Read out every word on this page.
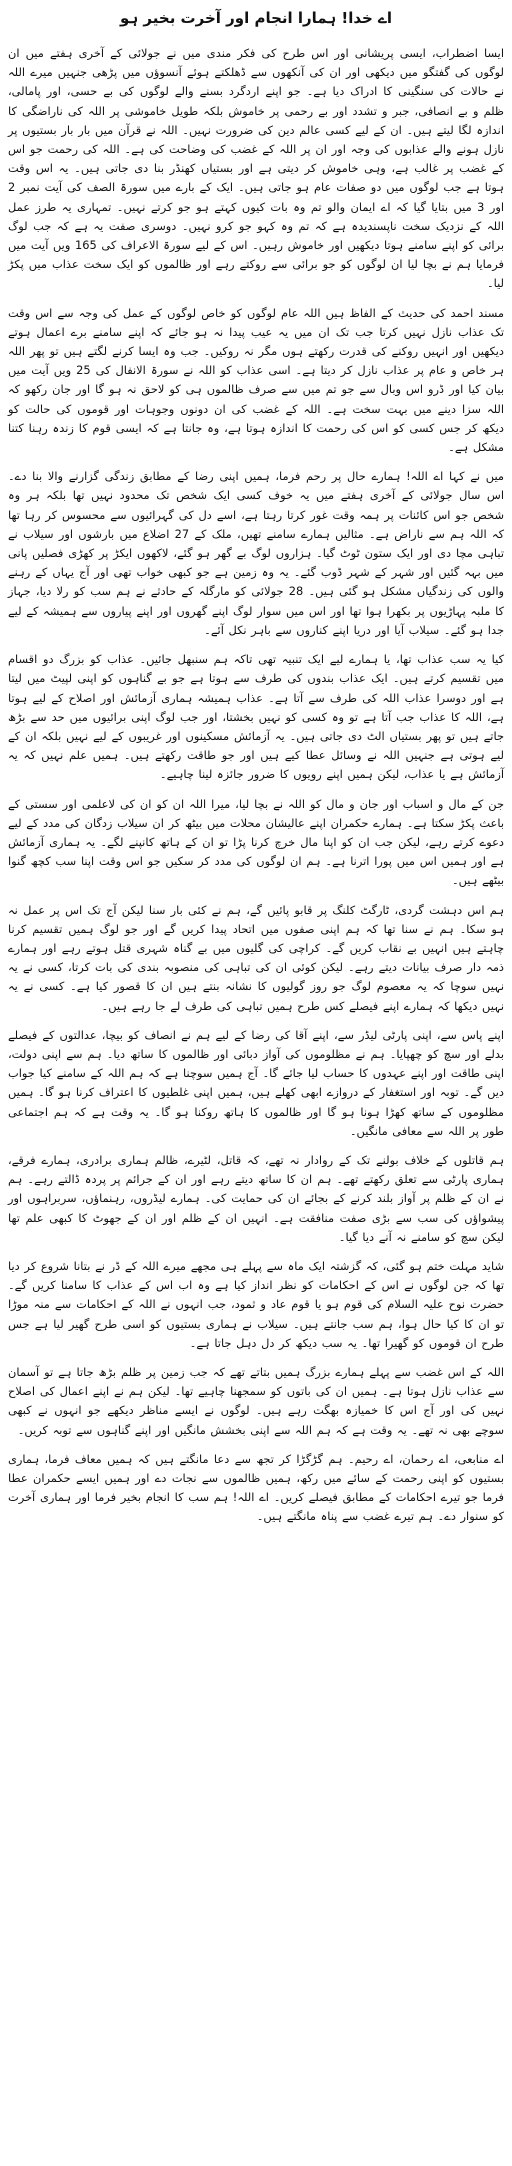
اے خدا! ہمارا انجام اور آخرت بخیر ہو

ایسا اضطراب، ایسی پریشانی اور اس طرح کی فکر مندی میں نے جولائی کے آخری ہفتے میں ان لوگوں کی گفتگو میں دیکھی اور ان کی آنکھوں سے ڈھلکتے ہوئے آنسوؤں میں پڑھی جنہیں میرے اللہ نے حالات کی سنگینی کا ادراک دیا ہے۔ جو اپنے اردگرد بسنے والے لوگوں کی بے حسی، اور پامالی، ظلم و بے انصافی، جبر و تشدد اور بے رحمی پر خاموش بلکہ طویل خاموشی پر اللہ کی ناراضگی کا اندازہ لگا لیتے ہیں۔ ان کے لیے کسی عالم دین کی ضرورت نہیں۔ اللہ نے قرآن میں بار بار بستیوں پر نازل ہونے والے عذابوں کی وجہ اور ان پر اللہ کے غضب کی وضاحت کی ہے۔ اللہ کی رحمت جو اس کے غضب پر غالب ہے، وہی خاموش کر دیتی ہے اور بستیاں کھنڈر بنا دی جاتی ہیں۔ یہ اس وقت ہوتا ہے جب لوگوں میں دو صفات عام ہو جاتی ہیں۔ ایک کے بارے میں سورۃ الصف کی آیت نمبر 2 اور 3 میں بتایا گیا کہ اے ایمان والو تم وہ بات کیوں کہتے ہو جو کرتے نہیں۔ تمہاری یہ طرز عمل اللہ کے نزدیک سخت ناپسندیدہ ہے کہ تم وہ کہو جو کرو نہیں۔ دوسری صفت یہ ہے کہ جب لوگ برائی کو اپنے سامنے ہوتا دیکھیں اور خاموش رہیں۔ اس کے لیے سورۃ الاعراف کی 165 ویں آیت میں فرمایا ہم نے بچا لیا ان لوگوں کو جو برائی سے روکتے رہے اور ظالموں کو ایک سخت عذاب میں پکڑ لیا۔

مسند احمد کی حدیث کے الفاظ ہیں اللہ عام لوگوں کو خاص لوگوں کے عمل کی وجہ سے اس وقت تک عذاب نازل نہیں کرتا جب تک ان میں یہ عیب پیدا نہ ہو جائے کہ اپنے سامنے برے اعمال ہوتے دیکھیں اور انہیں روکنے کی قدرت رکھتے ہوں مگر نہ روکیں۔ جب وہ ایسا کرنے لگتے ہیں تو پھر اللہ ہر خاص و عام پر عذاب نازل کر دیتا ہے۔ اسی عذاب کو اللہ نے سورۃ الانفال کی 25 ویں آیت میں بیان کیا اور ڈرو اس وبال سے جو تم میں سے صرف ظالموں ہی کو لاحق نہ ہو گا اور جان رکھو کہ اللہ سزا دینے میں بہت سخت ہے۔ اللہ کے غضب کی ان دونوں وجوہات اور قوموں کی حالت کو دیکھ کر جس کسی کو اس کی رحمت کا اندازہ ہوتا ہے، وہ جانتا ہے کہ ایسی قوم کا زندہ رہنا کتنا مشکل ہے۔

میں نے کہا اے اللہ! ہمارے حال پر رحم فرما، ہمیں اپنی رضا کے مطابق زندگی گزارنے والا بنا دے۔ اس سال جولائی کے آخری ہفتے میں یہ خوف کسی ایک شخص تک محدود نہیں تھا بلکہ ہر وہ شخص جو اس کائنات پر ہمہ وقت غور کرتا رہتا ہے، اسے دل کی گہرائیوں سے محسوس کر رہا تھا کہ اللہ ہم سے ناراض ہے۔ مثالیں ہمارے سامنے تھیں، ملک کے 27 اضلاع میں بارشوں اور سیلاب نے تباہی مچا دی اور ایک ستون ٹوٹ گیا۔ ہزاروں لوگ بے گھر ہو گئے، لاکھوں ایکڑ پر کھڑی فصلیں پانی میں بہہ گئیں اور شہر کے شہر ڈوب گئے۔ یہ وہ زمین ہے جو کبھی خواب تھی اور آج یہاں کے رہنے والوں کی زندگیاں مشکل ہو گئی ہیں۔ 28 جولائی کو مارگلہ کے حادثے نے ہم سب کو رلا دیا، جہاز کا ملبہ پہاڑیوں پر بکھرا ہوا تھا اور اس میں سوار لوگ اپنے گھروں اور اپنے پیاروں سے ہمیشہ کے لیے جدا ہو گئے۔ سیلاب آیا اور دریا اپنے کناروں سے باہر نکل آئے۔

کیا یہ سب عذاب تھا، یا ہمارے لیے ایک تنبیہ تھی تاکہ ہم سنبھل جائیں۔ عذاب کو بزرگ دو اقسام میں تقسیم کرتے ہیں۔ ایک عذاب بندوں کی طرف سے ہوتا ہے جو بے گناہوں کو اپنی لپیٹ میں لیتا ہے اور دوسرا عذاب اللہ کی طرف سے آتا ہے۔ عذاب ہمیشہ ہماری آزمائش اور اصلاح کے لیے ہوتا ہے، اللہ کا عذاب جب آتا ہے تو وہ کسی کو نہیں بخشتا، اور جب لوگ اپنی برائیوں میں حد سے بڑھ جاتے ہیں تو پھر بستیاں الٹ دی جاتی ہیں۔ یہ آزمائش مسکینوں اور غریبوں کے لیے نہیں بلکہ ان کے لیے ہوتی ہے جنہیں اللہ نے وسائل عطا کیے ہیں اور جو طاقت رکھتے ہیں۔ ہمیں علم نہیں کہ یہ آزمائش ہے یا عذاب، لیکن ہمیں اپنے رویوں کا ضرور جائزہ لینا چاہیے۔

جن کے مال و اسباب اور جان و مال کو اللہ نے بچا لیا، میرا اللہ ان کو ان کی لاعلمی اور سستی کے باعث پکڑ سکتا ہے۔ ہمارے حکمران اپنے عالیشان محلات میں بیٹھ کر ان سیلاب زدگان کی مدد کے لیے دعوے کرتے رہے، لیکن جب ان کو اپنا مال خرچ کرنا پڑا تو ان کے ہاتھ کانپنے لگے۔ یہ ہماری آزمائش ہے اور ہمیں اس میں پورا اترنا ہے۔ ہم ان لوگوں کی مدد کر سکیں جو اس وقت اپنا سب کچھ گنوا بیٹھے ہیں۔

ہم اس دہشت گردی، ٹارگٹ کلنگ پر قابو پائیں گے، ہم نے کئی بار سنا لیکن آج تک اس پر عمل نہ ہو سکا۔ ہم نے سنا تھا کہ ہم اپنی صفوں میں اتحاد پیدا کریں گے اور جو لوگ ہمیں تقسیم کرنا چاہتے ہیں انہیں بے نقاب کریں گے۔ کراچی کی گلیوں میں بے گناہ شہری قتل ہوتے رہے اور ہمارے ذمہ دار صرف بیانات دیتے رہے۔ لیکن کوئی ان کی تباہی کی منصوبہ بندی کی بات کرتا، کسی نے یہ نہیں سوچا کہ یہ معصوم لوگ جو روز گولیوں کا نشانہ بنتے ہیں ان کا قصور کیا ہے۔ کسی نے یہ نہیں دیکھا کہ ہمارے اپنے فیصلے کس طرح ہمیں تباہی کی طرف لے جا رہے ہیں۔

اپنے پاس سے، اپنی پارٹی لیڈر سے، اپنے آقا کی رضا کے لیے ہم نے انصاف کو بیچا، عدالتوں کے فیصلے بدلے اور سچ کو چھپایا۔ ہم نے مظلوموں کی آواز دبائی اور ظالموں کا ساتھ دیا۔ ہم سے اپنی دولت، اپنی طاقت اور اپنے عہدوں کا حساب لیا جائے گا۔ آج ہمیں سوچنا ہے کہ ہم اللہ کے سامنے کیا جواب دیں گے۔ توبہ اور استغفار کے دروازے ابھی کھلے ہیں، ہمیں اپنی غلطیوں کا اعتراف کرنا ہو گا۔ ہمیں مظلوموں کے ساتھ کھڑا ہونا ہو گا اور ظالموں کا ہاتھ روکنا ہو گا۔ یہ وقت ہے کہ ہم اجتماعی طور پر اللہ سے معافی مانگیں۔

ہم قاتلوں کے خلاف بولنے تک کے روادار نہ تھے، کہ قاتل، لٹیرے، ظالم ہماری برادری، ہمارے فرقے، ہماری پارٹی سے تعلق رکھتے تھے۔ ہم ان کا ساتھ دیتے رہے اور ان کے جرائم پر پردہ ڈالتے رہے۔ ہم نے ان کے ظلم پر آواز بلند کرنے کے بجائے ان کی حمایت کی۔ ہمارے لیڈروں، رہنماؤں، سربراہوں اور پیشواؤں کی سب سے بڑی صفت منافقت ہے۔ انہیں ان کے ظلم اور ان کے جھوٹ کا کبھی علم تھا لیکن سچ کو سامنے نہ آنے دیا گیا۔

شاید مہلت ختم ہو گئی، کہ گزشتہ ایک ماہ سے پہلے ہی مجھے میرے اللہ کے ڈر نے بتانا شروع کر دیا تھا کہ جن لوگوں نے اس کے احکامات کو نظر انداز کیا ہے وہ اب اس کے عذاب کا سامنا کریں گے۔ حضرت نوح علیہ السلام کی قوم ہو یا قوم عاد و ثمود، جب انہوں نے اللہ کے احکامات سے منہ موڑا تو ان کا کیا حال ہوا، ہم سب جانتے ہیں۔ سیلاب نے ہماری بستیوں کو اسی طرح گھیر لیا ہے جس طرح ان قوموں کو گھیرا تھا۔ یہ سب دیکھ کر دل دہل جاتا ہے۔

اللہ کے اس غضب سے پہلے ہمارے بزرگ ہمیں بتاتے تھے کہ جب زمین پر ظلم بڑھ جاتا ہے تو آسمان سے عذاب نازل ہوتا ہے۔ ہمیں ان کی باتوں کو سمجھنا چاہیے تھا۔ لیکن ہم نے اپنے اعمال کی اصلاح نہیں کی اور آج اس کا خمیازہ بھگت رہے ہیں۔ لوگوں نے ایسے مناظر دیکھے جو انہوں نے کبھی سوچے بھی نہ تھے۔ یہ وقت ہے کہ ہم اللہ سے اپنی بخشش مانگیں اور اپنے گناہوں سے توبہ کریں۔

اے منابعی، اے رحمان، اے رحیم۔ ہم گڑگڑا کر تجھ سے دعا مانگتے ہیں کہ ہمیں معاف فرما، ہماری بستیوں کو اپنی رحمت کے سائے میں رکھ، ہمیں ظالموں سے نجات دے اور ہمیں ایسے حکمران عطا فرما جو تیرے احکامات کے مطابق فیصلے کریں۔ اے اللہ! ہم سب کا انجام بخیر فرما اور ہماری آخرت کو سنوار دے۔ ہم تیرے غضب سے پناہ مانگتے ہیں۔
